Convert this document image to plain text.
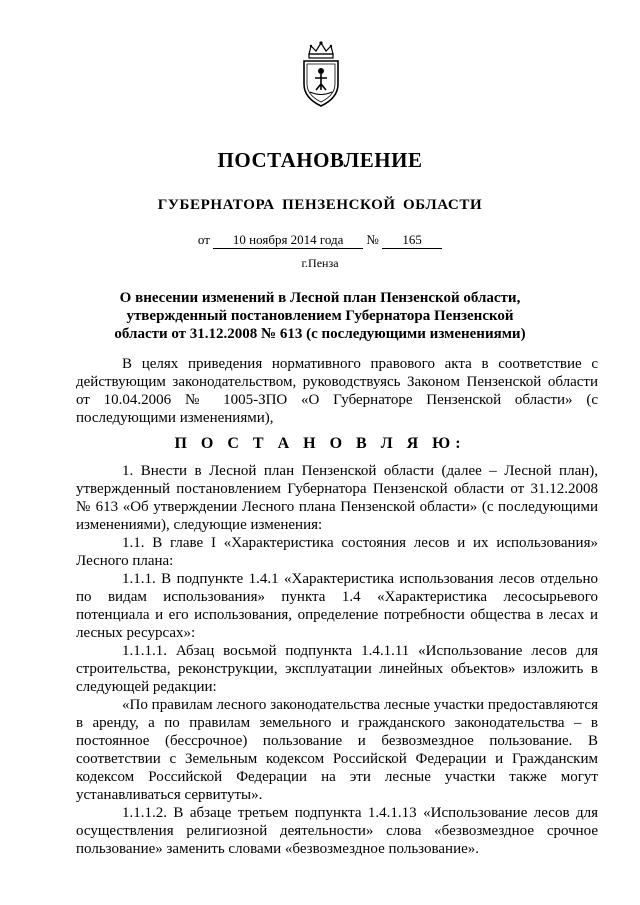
ПОСТАНОВЛЕНИЕ
ГУБЕРНАТОРА ПЕНЗЕНСКОЙ ОБЛАСТИ
от 10 ноября 2014 года № 165
г.Пенза
О внесении изменений в Лесной план Пензенской области, утвержденный постановлением Губернатора Пензенской области от 31.12.2008 № 613 (с последующими изменениями)

В целях приведения нормативного правового акта в соответствие с действующим законодательством, руководствуясь Законом Пензенской области от 10.04.2006 № 1005-ЗПО «О Губернаторе Пензенской области» (с последующими изменениями),

П О С Т А Н О В Л Я Ю:

1. Внести в Лесной план Пензенской области (далее – Лесной план), утвержденный постановлением Губернатора Пензенской области от 31.12.2008 № 613 «Об утверждении Лесного плана Пензенской области» (с последующими изменениями), следующие изменения:

1.1. В главе I «Характеристика состояния лесов и их использования» Лесного плана:

1.1.1. В подпункте 1.4.1 «Характеристика использования лесов отдельно по видам использования» пункта 1.4 «Характеристика лесосырьевого потенциала и его использования, определение потребности общества в лесах и лесных ресурсах»:

1.1.1.1. Абзац восьмой подпункта 1.4.1.11 «Использование лесов для строительства, реконструкции, эксплуатации линейных объектов» изложить в следующей редакции:

«По правилам лесного законодательства лесные участки предоставляются в аренду, а по правилам земельного и гражданского законодательства – в постоянное (бессрочное) пользование и безвозмездное пользование. В соответствии с Земельным кодексом Российской Федерации и Гражданским кодексом Российской Федерации на эти лесные участки также могут устанавливаться сервитуты».

1.1.1.2. В абзаце третьем подпункта 1.4.1.13 «Использование лесов для осуществления религиозной деятельности» слова «безвозмездное срочное пользование» заменить словами «безвозмездное пользование».
